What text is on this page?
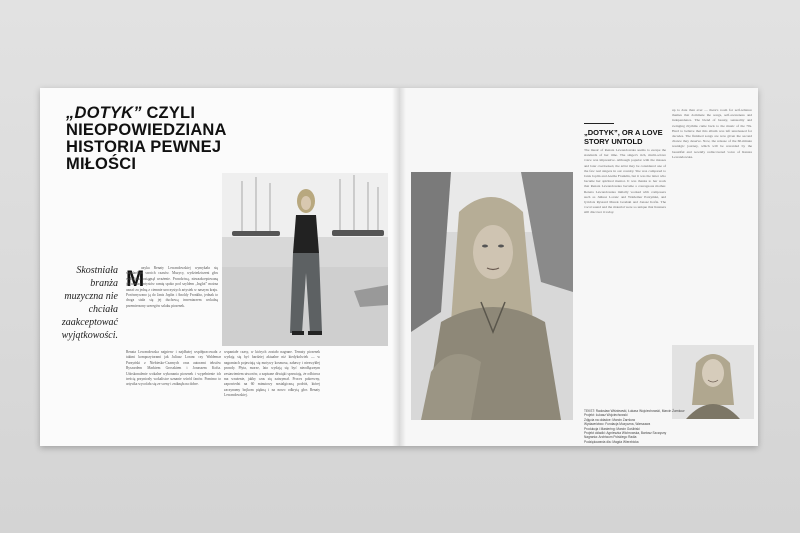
„DOTYK” CZYLI NIEOPOWIEDZIANA HISTORIA PEWNEJ MIŁOŚCI
Skostniała branża muzyczna nie chciała zaakceptować wyjątkowości.
M
uzyka Renaty Lewandowskiej wymykała się standardom swoich czasów. Muzycy, wydziedziczeni głos wokalistki osiągnął wrażenie. Prawdziwą, niezaakceptowaną jej wiedzę artystów ramię spoko pod szyldem „Inglot” można uznać za jedną z ciemnie uroczystych artystek w naszym kraju. Porównywano ją do Janis Joplin i Anoldy Fronkho, jednak to droga stała się jej duchową inwentarzem wokalną przemierzony szeregów szlaku piosenek.
Renata Lewandowska najpierw i najdłużej współpracowała z takimi kompozytorami jak Juliusz Loranc czy Waldemar Parzyński z Niebiesko-Czarnych oraz autorami tekstów Ryszardem Markiem Groszkiem i Jonaszem Kofta. Udoskonalenie wokalne wykonania piosenek i wypełnienie ich treścią przyniosły wokalistce uznanie wśród fanów. Pomimo to artystka wycofała się ze sceny i zniknęła na dobre.
wspaniałe czasy, w których zostało nagrane. Tematy piosenek wydają się być bardziej aktualne niż kiedykolwiek — w nagraniach pojawiają się motywy kosmosu, zabawy i niezwykłej prawdy. Płyta, morze, lato wydają się być nieodłącznym zestawieniem utworów, a zapisane dźwięki sprawiają, że odbiorca ma wrażenie, jakby czas się zatrzymał. Proces pokrewny, zapowiedzi na 60 minutowy nostalgiczną podróż, której zaczynamy bojkom piękną i na nowo odkrytą głos Renaty Lewandowskiej.
„DOTYK”, OR A LOVE STORY UNTOLD
The music of Renata Lewandowska seems to escape the standards of her time. The singer's rich, multi-octave voice was impressive. Although popular with the masses and later overlooked, the artist may be considered one of the few real singers in our country. She was compared to Janis Joplin and Aretha Franklin, but it was the latter who became her spiritual mentor. It was thanks to her work that Renata Lewandowska became a courageous mother. Renata Lewandowska initially worked with composers such as Juliusz Loranc and Waldemar Parzyński, and lyricists Ryszard Marek Groński and Jonasz Kofta. The vocal sound and the material were so unique that listeners still discover it today.
up to date than ever — there's room for self-reliance themes that dominate the songs, self-awareness and independence. The blend of beauty, sensuality and swinging rhythms came back to the music of the 70s. Hard to believe that this album was left unreleased for decades. The finished songs are now given the second chance they deserve. Now, the release of the 60-minute nostalgic journey, which will be rewarded by the beautiful and recently rediscovered voice of Renata Lewandowska.
TEKST: Radosław Wiśniewski, Łukasz Wojciechowski, Marcin Żarnkow
Projekt: Łukasz Wojciechowski
Zdjęcia na okładce: Marcin Żarnkow
Wydawnictwo: Fundacja Muzyczna, Warszawa
Produkcja i Mastering: Marcin Gośliński
Projekt okładki: Agnieszka Wichrowska, Bartosz Szczęsny
Nagrania: Archiwum Polskiego Radia
Podziękowania dla: Magda Wierzbicka
